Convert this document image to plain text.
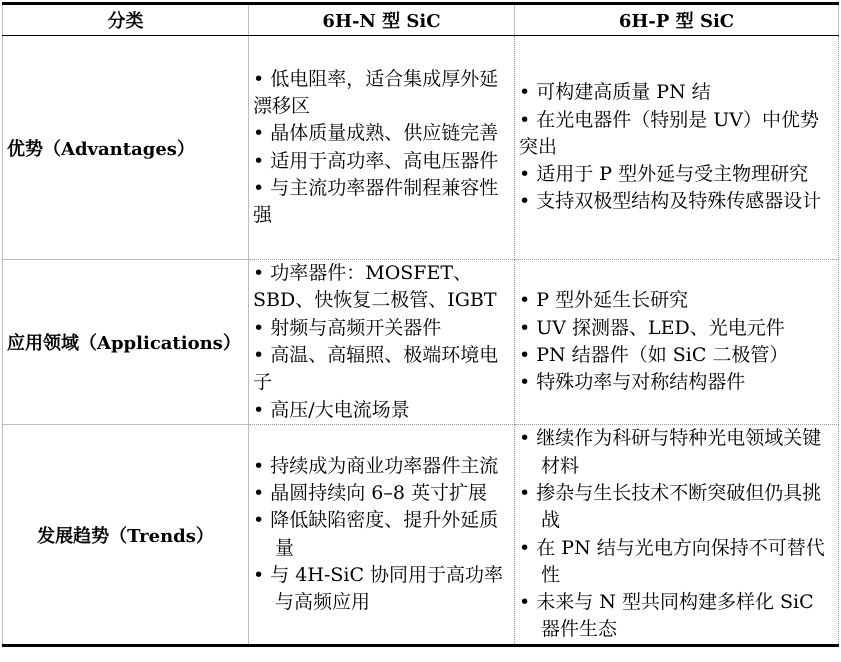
分类	6H-N 型 SiC	6H-P 型 SiC
优势（Advantages）	• 低电阻率，适合集成厚外延漂移区
• 晶体质量成熟、供应链完善
• 适用于高功率、高电压器件
• 与主流功率器件制程兼容性强	• 可构建高质量 PN 结
• 在光电器件（特别是 UV）中优势突出
• 适用于 P 型外延与受主物理研究
• 支持双极型结构及特殊传感器设计

应用领域（Applications）	• 功率器件：MOSFET、SBD、快恢复二极管、IGBT
• 射频与高频开关器件
• 高温、高辐照、极端环境电子
• 高压/大电流场景	• P 型外延生长研究
• UV 探测器、LED、光电元件
• PN 结器件（如 SiC 二极管）
• 特殊功率与对称结构器件

发展趋势（Trends）	• 持续成为商业功率器件主流
• 晶圆持续向 6–8 英寸扩展
• 降低缺陷密度、提升外延质量
• 与 4H-SiC 协同用于高功率与高频应用	• 继续作为科研与特种光电领域关键材料
• 掺杂与生长技术不断突破但仍具挑战
• 在 PN 结与光电方向保持不可替代性
• 未来与 N 型共同构建多样化 SiC 器件生态
